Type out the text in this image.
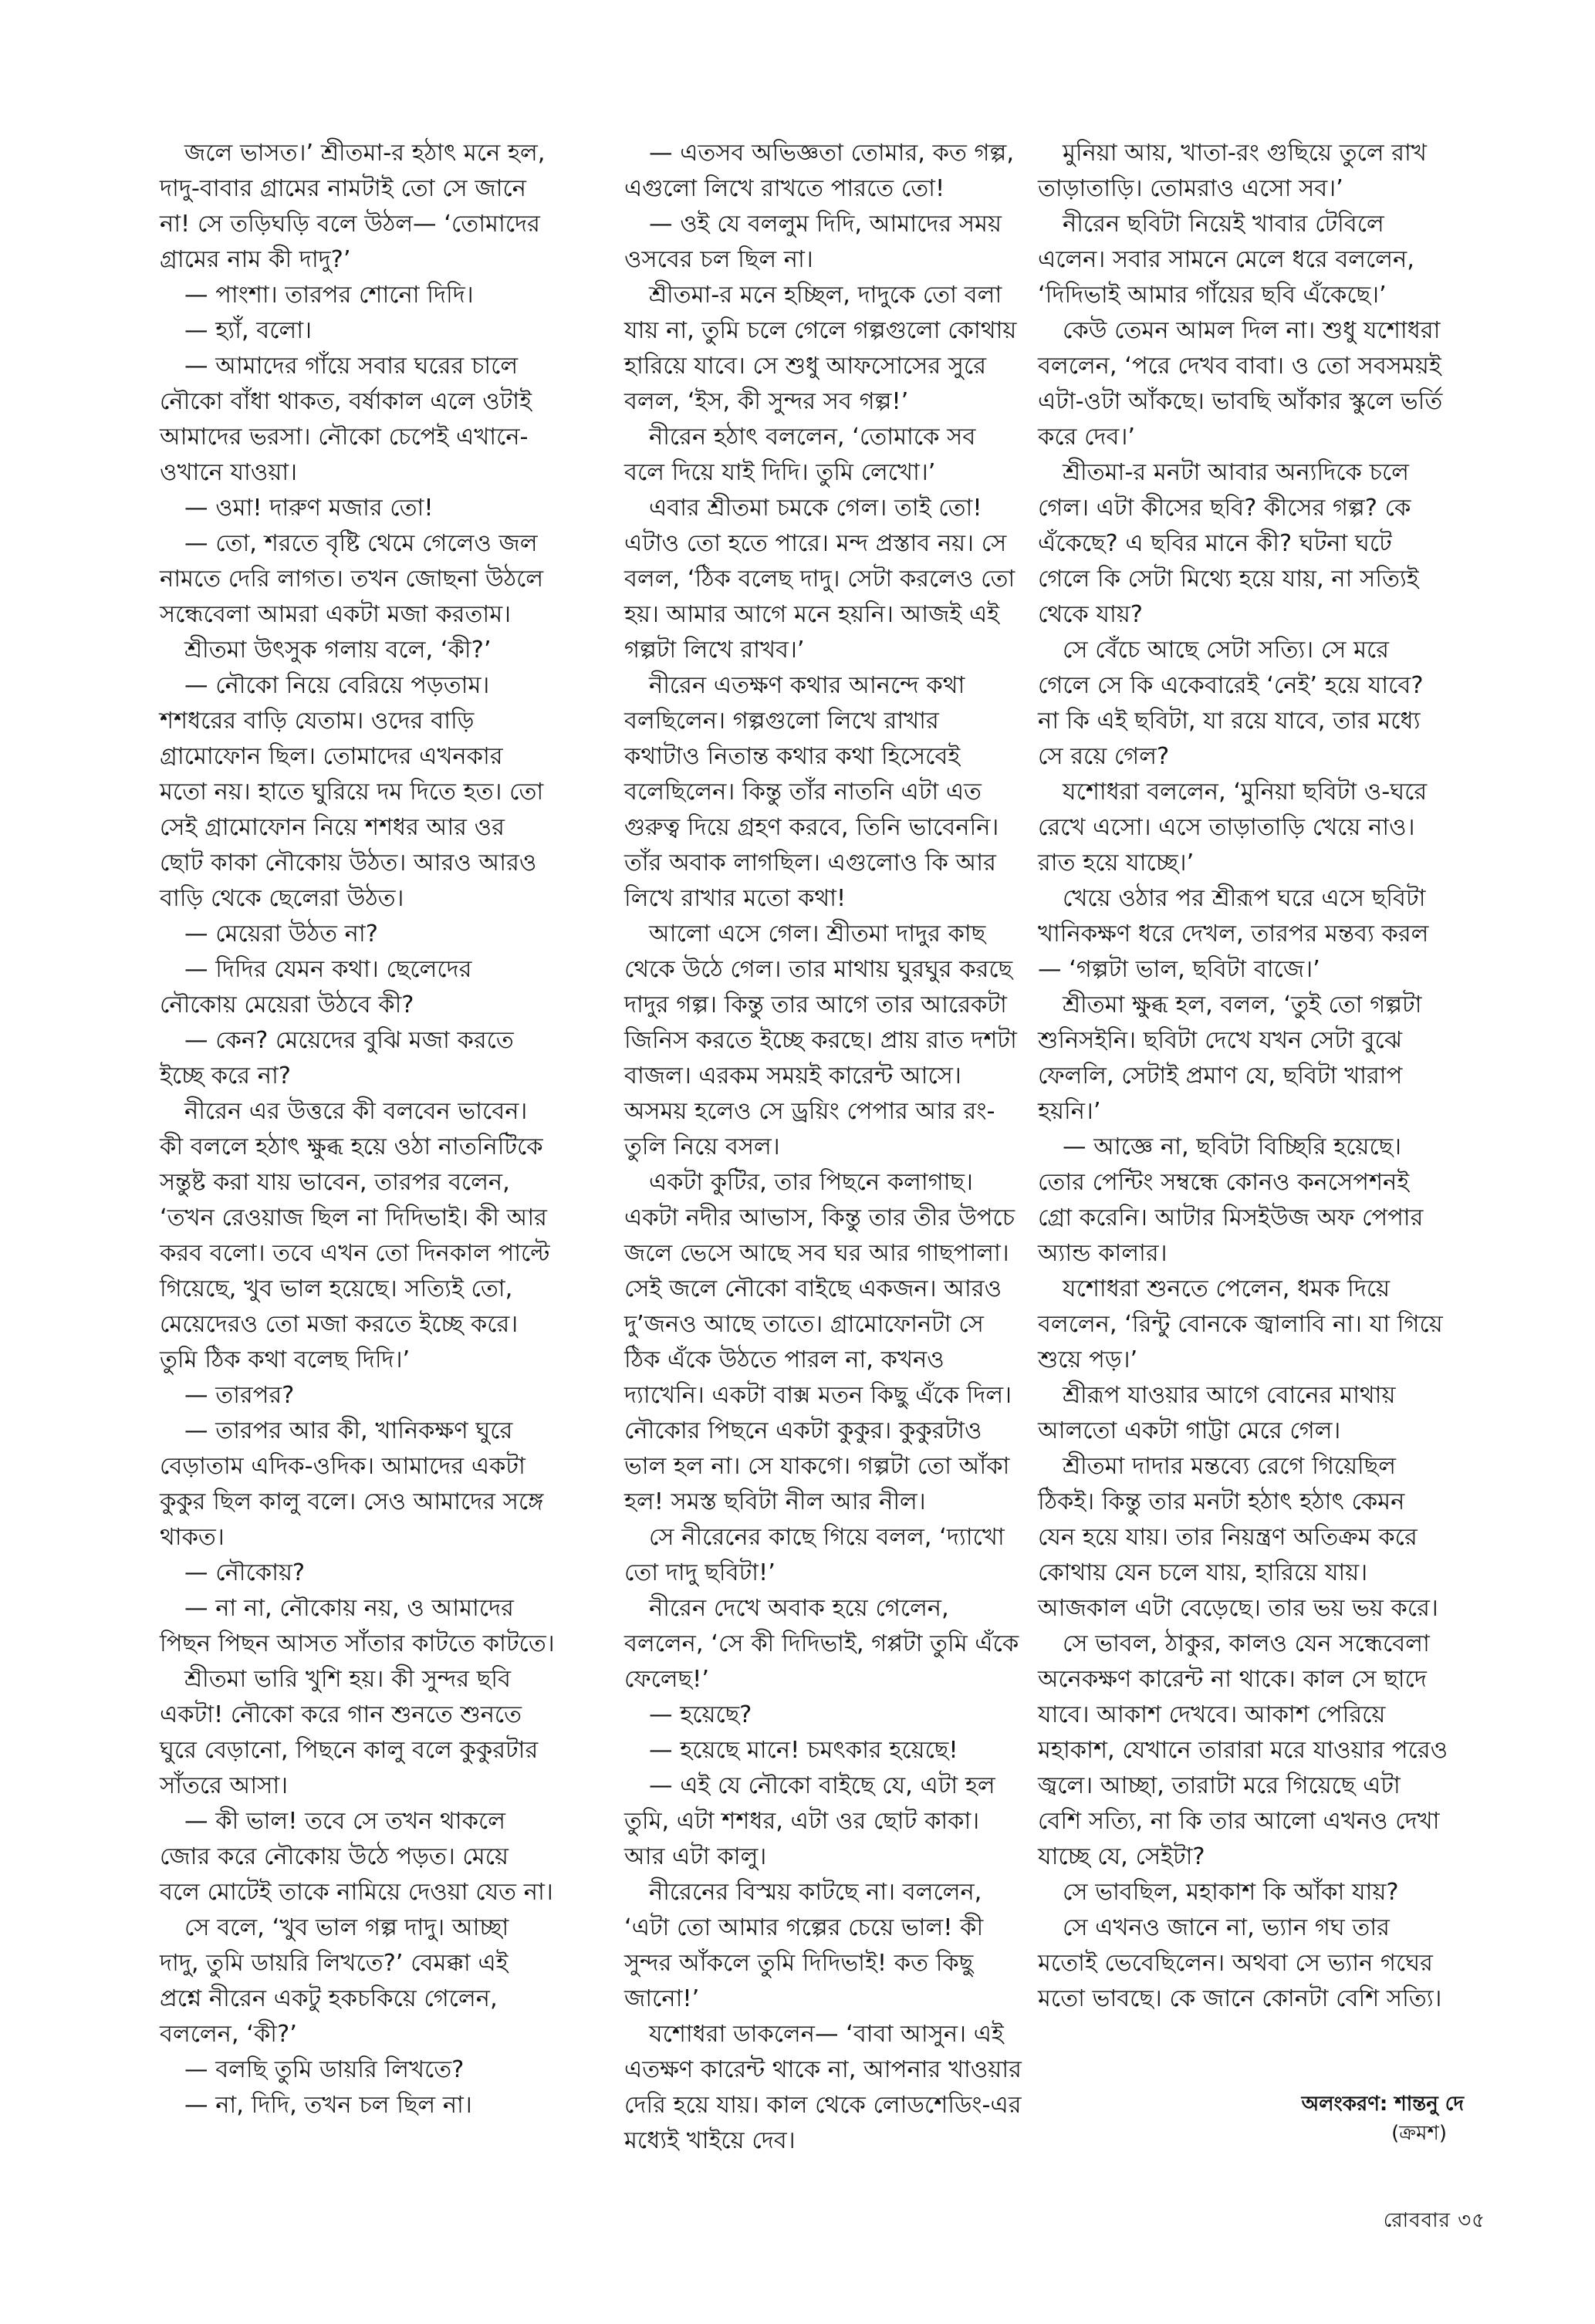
জলে ভাসত।’ শ্রীতমা-র হঠাৎ মনে হল, দাদু-বাবার গ্রামের নামটাই তো সে জানে না! সে তড়িঘড়ি বলে উঠল— ‘তোমাদের গ্রামের নাম কী দাদু?’

— পাংশা। তারপর শোনো দিদি।

— হ্যাঁ, বলো।

— আমাদের গাঁয়ে সবার ঘরের চালে নৌকো বাঁধা থাকত, বর্ষাকাল এলে ওটাই আমাদের ভরসা। নৌকো চেপেই এখানে-ওখানে যাওয়া।

— ওমা! দারুণ মজার তো!

— তো, শরতে বৃষ্টি থেমে গেলেও জল নামতে দেরি লাগত। তখন জোছনা উঠলে সন্ধেবেলা আমরা একটা মজা করতাম।

শ্রীতমা উৎসুক গলায় বলে, ‘কী?’

— নৌকো নিয়ে বেরিয়ে পড়তাম। শশধরের বাড়ি যেতাম। ওদের বাড়ি গ্রামোফোন ছিল। তোমাদের এখনকার মতো নয়। হাতে ঘুরিয়ে দম দিতে হত। তো সেই গ্রামোফোন নিয়ে শশধর আর ওর ছোট কাকা নৌকোয় উঠত। আরও আরও বাড়ি থেকে ছেলেরা উঠত।

— মেয়েরা উঠত না?

— দিদির যেমন কথা। ছেলেদের নৌকোয় মেয়েরা উঠবে কী?

— কেন? মেয়েদের বুঝি মজা করতে ইচ্ছে করে না?

নীরেন এর উত্তরে কী বলবেন ভাবেন। কী বললে হঠাৎ ক্ষুব্ধ হয়ে ওঠা নাতনিটিকে সন্তুষ্ট করা যায় ভাবেন, তারপর বলেন, ‘তখন রেওয়াজ ছিল না দিদিভাই। কী আর করব বলো। তবে এখন তো দিনকাল পাল্টে গিয়েছে, খুব ভাল হয়েছে। সত্যিই তো, মেয়েদেরও তো মজা করতে ইচ্ছে করে। তুমি ঠিক কথা বলেছ দিদি।’

— তারপর?

— তারপর আর কী, খানিকক্ষণ ঘুরে বেড়াতাম এদিক-ওদিক। আমাদের একটা কুকুর ছিল কালু বলে। সেও আমাদের সঙ্গে থাকত।

— নৌকোয়?

— না না, নৌকোয় নয়, ও আমাদের পিছন পিছন আসত সাঁতার কাটতে কাটতে।

শ্রীতমা ভারি খুশি হয়। কী সুন্দর ছবি একটা! নৌকো করে গান শুনতে শুনতে ঘুরে বেড়ানো, পিছনে কালু বলে কুকুরটার সাঁতরে আসা।

— কী ভাল! তবে সে তখন থাকলে জোর করে নৌকোয় উঠে পড়ত। মেয়ে বলে মোটেই তাকে নামিয়ে দেওয়া যেত না।

সে বলে, ‘খুব ভাল গল্প দাদু। আচ্ছা দাদু, তুমি ডায়রি লিখতে?’ বেমক্কা এই প্রশ্নে নীরেন একটু হকচকিয়ে গেলেন, বললেন, ‘কী?’

— বলছি তুমি ডায়রি লিখতে?

— না, দিদি, তখন চল ছিল না।

— এতসব অভিজ্ঞতা তোমার, কত গল্প, এগুলো লিখে রাখতে পারতে তো!

— ওই যে বললুম দিদি, আমাদের সময় ওসবের চল ছিল না।

শ্রীতমা-র মনে হচ্ছিল, দাদুকে তো বলা যায় না, তুমি চলে গেলে গল্পগুলো কোথায় হারিয়ে যাবে। সে শুধু আফসোসের সুরে বলল, ‘ইস, কী সুন্দর সব গল্প!’

নীরেন হঠাৎ বললেন, ‘তোমাকে সব বলে দিয়ে যাই দিদি। তুমি লেখো।’

এবার শ্রীতমা চমকে গেল। তাই তো! এটাও তো হতে পারে। মন্দ প্রস্তাব নয়। সে বলল, ‘ঠিক বলেছ দাদু। সেটা করলেও তো হয়। আমার আগে মনে হয়নি। আজই এই গল্পটা লিখে রাখব।’

নীরেন এতক্ষণ কথার আনন্দে কথা বলছিলেন। গল্পগুলো লিখে রাখার কথাটাও নিতান্ত কথার কথা হিসেবেই বলেছিলেন। কিন্তু তাঁর নাতনি এটা এত গুরুত্ব দিয়ে গ্রহণ করবে, তিনি ভাবেননি। তাঁর অবাক লাগছিল। এগুলোও কি আর লিখে রাখার মতো কথা!

আলো এসে গেল। শ্রীতমা দাদুর কাছ থেকে উঠে গেল। তার মাথায় ঘুরঘুর করছে দাদুর গল্প। কিন্তু তার আগে তার আরেকটা জিনিস করতে ইচ্ছে করছে। প্রায় রাত দশটা বাজল। এরকম সময়ই কারেন্ট আসে। অসময় হলেও সে ড্রয়িং পেপার আর রং-তুলি নিয়ে বসল।

একটা কুটির, তার পিছনে কলাগাছ। একটা নদীর আভাস, কিন্তু তার তীর উপচে জলে ভেসে আছে সব ঘর আর গাছপালা। সেই জলে নৌকো বাইছে একজন। আরও দু’জনও আছে তাতে। গ্রামোফোনটা সে ঠিক এঁকে উঠতে পারল না, কখনও দ্যাখেনি। একটা বাক্স মতন কিছু এঁকে দিল। নৌকোর পিছনে একটা কুকুর। কুকুরটাও ভাল হল না। সে যাকগে। গল্পটা তো আঁকা হল! সমস্ত ছবিটা নীল আর নীল।

সে নীরেনের কাছে গিয়ে বলল, ‘দ্যাখো তো দাদু ছবিটা!’

নীরেন দেখে অবাক হয়ে গেলেন, বললেন, ‘সে কী দিদিভাই, গপ্পটা তুমি এঁকে ফেলেছ!’

— হয়েছে?

— হয়েছে মানে! চমৎকার হয়েছে!

— এই যে নৌকো বাইছে যে, এটা হল তুমি, এটা শশধর, এটা ওর ছোট কাকা। আর এটা কালু।

নীরেনের বিস্ময় কাটছে না। বললেন, ‘এটা তো আমার গল্পের চেয়ে ভাল! কী সুন্দর আঁকলে তুমি দিদিভাই! কত কিছু জানো!’

যশোধরা ডাকলেন— ‘বাবা আসুন। এই এতক্ষণ কারেন্ট থাকে না, আপনার খাওয়ার দেরি হয়ে যায়। কাল থেকে লোডশেডিং-এর মধ্যেই খাইয়ে দেব।

মুনিয়া আয়, খাতা-রং গুছিয়ে তুলে রাখ তাড়াতাড়ি। তোমরাও এসো সব।’

নীরেন ছবিটা নিয়েই খাবার টেবিলে এলেন। সবার সামনে মেলে ধরে বললেন, ‘দিদিভাই আমার গাঁয়ের ছবি এঁকেছে।’

কেউ তেমন আমল দিল না। শুধু যশোধরা বললেন, ‘পরে দেখব বাবা। ও তো সবসময়ই এটা-ওটা আঁকছে। ভাবছি আঁকার স্কুলে ভর্তি করে দেব।’

শ্রীতমা-র মনটা আবার অন্যদিকে চলে গেল। এটা কীসের ছবি? কীসের গল্প? কে এঁকেছে? এ ছবির মানে কী? ঘটনা ঘটে গেলে কি সেটা মিথ্যে হয়ে যায়, না সত্যিই থেকে যায়?

সে বেঁচে আছে সেটা সত্যি। সে মরে গেলে সে কি একেবারেই ‘নেই’ হয়ে যাবে? না কি এই ছবিটা, যা রয়ে যাবে, তার মধ্যে সে রয়ে গেল?

যশোধরা বললেন, ‘মুনিয়া ছবিটা ও-ঘরে রেখে এসো। এসে তাড়াতাড়ি খেয়ে নাও। রাত হয়ে যাচ্ছে।’

খেয়ে ওঠার পর শ্রীরূপ ঘরে এসে ছবিটা খানিকক্ষণ ধরে দেখল, তারপর মন্তব্য করল— ‘গল্পটা ভাল, ছবিটা বাজে।’

শ্রীতমা ক্ষুব্ধ হল, বলল, ‘তুই তো গল্পটা শুনিসইনি। ছবিটা দেখে যখন সেটা বুঝে ফেললি, সেটাই প্রমাণ যে, ছবিটা খারাপ হয়নি।’

— আজ্ঞে না, ছবিটা বিচ্ছিরি হয়েছে। তোর পেন্টিং সম্বন্ধে কোনও কনসেপশনই গ্রো করেনি। আটার মিসইউজ অফ পেপার অ্যান্ড কালার।

যশোধরা শুনতে পেলেন, ধমক দিয়ে বললেন, ‘রিন্টু বোনকে জ্বালাবি না। যা গিয়ে শুয়ে পড়।’

শ্রীরূপ যাওয়ার আগে বোনের মাথায় আলতো একটা গাট্টা মেরে গেল।

শ্রীতমা দাদার মন্তব্যে রেগে গিয়েছিল ঠিকই। কিন্তু তার মনটা হঠাৎ হঠাৎ কেমন যেন হয়ে যায়। তার নিয়ন্ত্রণ অতিক্রম করে কোথায় যেন চলে যায়, হারিয়ে যায়। আজকাল এটা বেড়েছে। তার ভয় ভয় করে।

সে ভাবল, ঠাকুর, কালও যেন সন্ধেবেলা অনেকক্ষণ কারেন্ট না থাকে। কাল সে ছাদে যাবে। আকাশ দেখবে। আকাশ পেরিয়ে মহাকাশ, যেখানে তারারা মরে যাওয়ার পরেও জ্বলে। আচ্ছা, তারাটা মরে গিয়েছে এটা বেশি সত্যি, না কি তার আলো এখনও দেখা যাচ্ছে যে, সেইটা?

সে ভাবছিল, মহাকাশ কি আঁকা যায়?

সে এখনও জানে না, ভ্যান গঘ তার মতোই ভেবেছিলেন। অথবা সে ভ্যান গঘের মতো ভাবছে। কে জানে কোনটা বেশি সত্যি।

অলংকরণ: শান্তনু দে
(ক্রমশ)
রোববার ৩৫
